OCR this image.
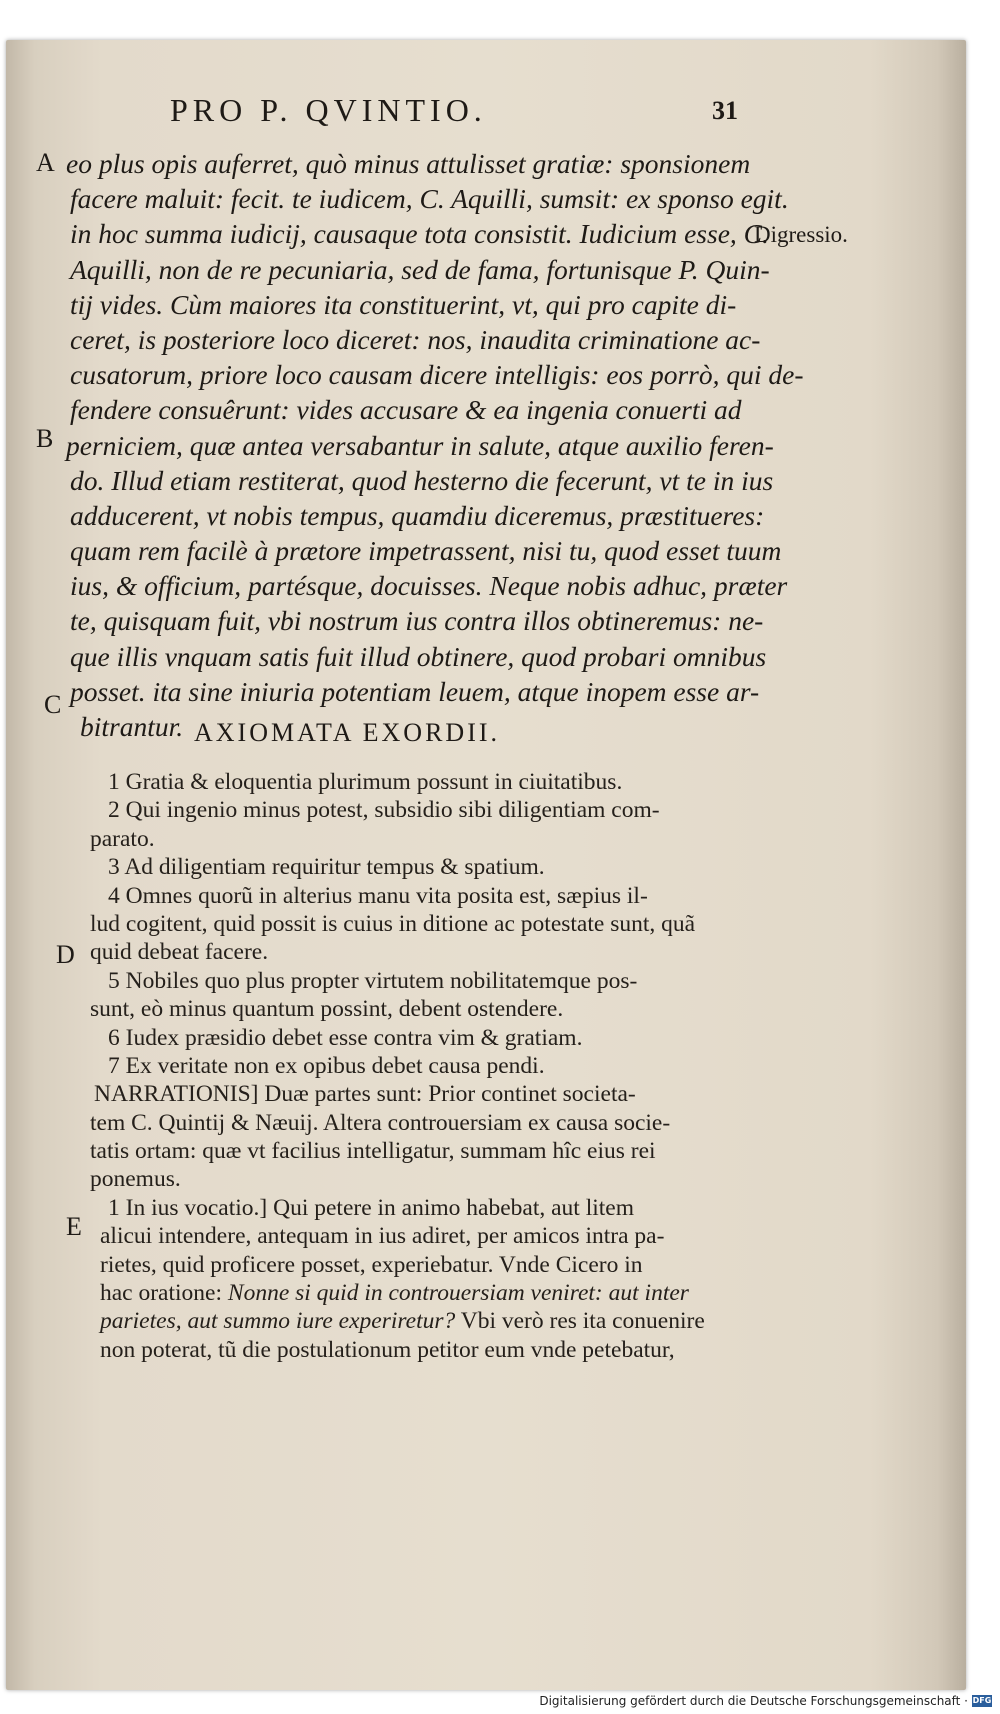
PRO P. QVINTIO.	31
A
B
C
D
E
Digressio.
eo plus opis auferret, quò minus attulisset gratiæ: sponsionem
facere maluit: fecit. te iudicem, C. Aquilli, sumsit: ex sponso egit.
in hoc summa iudicij, causaque tota consistit. Iudicium esse, C.
Aquilli, non de re pecuniaria, sed de fama, fortunisque P. Quin-
tij vides. Cùm maiores ita constituerint, vt, qui pro capite di-
ceret, is posteriore loco diceret: nos, inaudita criminatione ac-
cusatorum, priore loco causam dicere intelligis: eos porrò, qui de-
fendere consuêrunt: vides accusare & ea ingenia conuerti ad
perniciem, quæ antea versabantur in salute, atque auxilio feren-
do. Illud etiam restiterat, quod hesterno die fecerunt, vt te in ius
adducerent, vt nobis tempus, quamdiu diceremus, præstitueres:
quam rem facilè à prætore impetrassent, nisi tu, quod esset tuum
ius, & officium, partésque, docuisses. Neque nobis adhuc, præter
te, quisquam fuit, vbi nostrum ius contra illos obtineremus: ne-
que illis vnquam satis fuit illud obtinere, quod probari omnibus
posset. ita sine iniuria potentiam leuem, atque inopem esse ar-
bitrantur. AXIOMATA EXORDII.
1 Gratia & eloquentia plurimum possunt in ciuitatibus.
2 Qui ingenio minus potest, subsidio sibi diligentiam com-
parato.
3 Ad diligentiam requiritur tempus & spatium.
4 Omnes quorũ in alterius manu vita posita est, sæpius il-
lud cogitent, quid possit is cuius in ditione ac potestate sunt, quã
quid debeat facere.
5 Nobiles quo plus propter virtutem nobilitatemque pos-
sunt, eò minus quantum possint, debent ostendere.
6 Iudex præsidio debet esse contra vim & gratiam.
7 Ex veritate non ex opibus debet causa pendi.
NARRATIONIS] Duæ partes sunt: Prior continet societa-
tem C. Quintij & Næuij. Altera controuersiam ex causa socie-
tatis ortam: quæ vt facilius intelligatur, summam hîc eius rei
ponemus.
1 In ius vocatio.] Qui petere in animo habebat, aut litem
alicui intendere, antequam in ius adiret, per amicos intra pa-
rietes, quid proficere posset, experiebatur. Vnde Cicero in
hac oratione: Nonne si quid in controuersiam veniret: aut inter
parietes, aut summo iure experiretur? Vbi verò res ita conuenire
non poterat, tũ die postulationum petitor eum vnde petebatur,
Digitalisierung gefördert durch die Deutsche Forschungsgemeinschaft · DFG
